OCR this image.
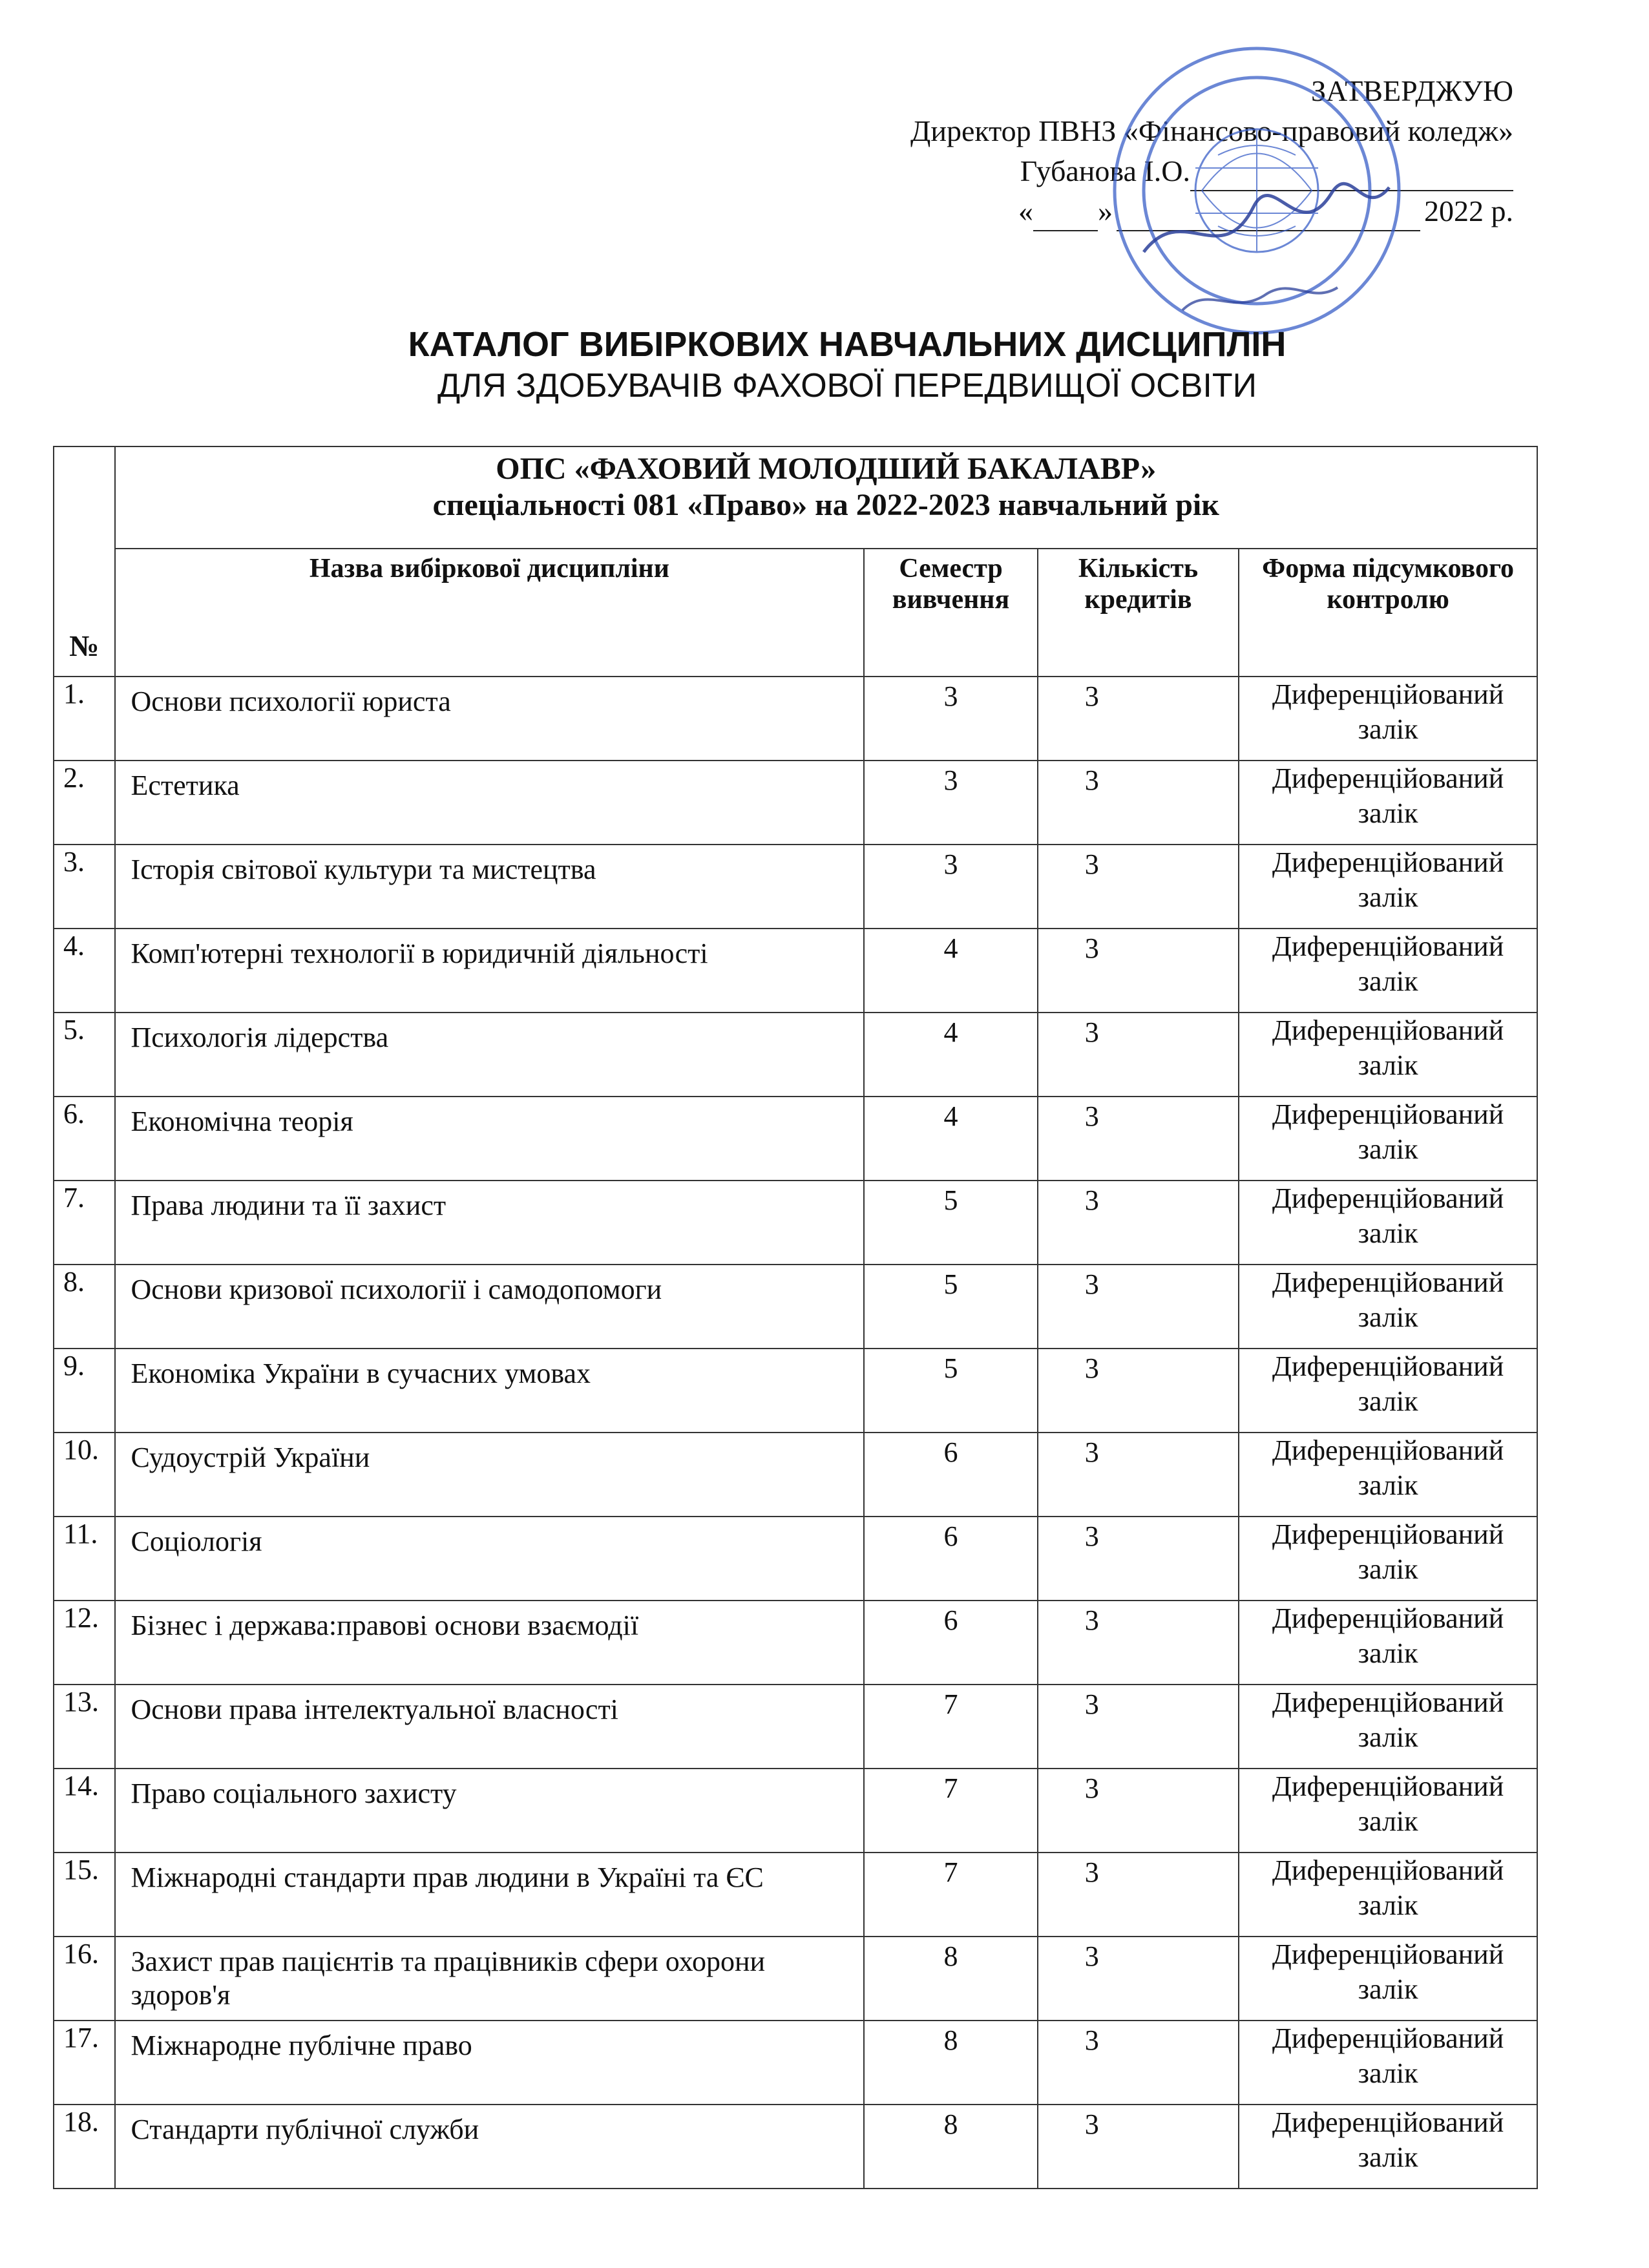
ЗАТВЕРДЖУЮ
Директор ПВНЗ «Фінансово-правовий коледж»
Губанова І.О.
« »	2022 р.
КАТАЛОГ ВИБІРКОВИХ НАВЧАЛЬНИХ ДИСЦИПЛІН
ДЛЯ ЗДОБУВАЧІВ ФАХОВОЇ ПЕРЕДВИЩОЇ ОСВІТИ
№	ОПС «ФАХОВИЙ МОЛОДШИЙ БАКАЛАВР»
спеціальності 081 «Право» на 2022-2023 навчальний рік			

	Назва вибіркової дисципліни	Семестр вивчення	Кількість кредитів	Форма підсумкового контролю
1.	Основи психології юриста	3	3	Диференційований залік
2.	Естетика	3	3	Диференційований залік
3.	Історія світової культури та мистецтва	3	3	Диференційований залік
4.	Комп'ютерні технології в юридичній діяльності	4	3	Диференційований залік
5.	Психологія лідерства	4	3	Диференційований залік
6.	Економічна теорія	4	3	Диференційований залік
7.	Права людини та її захист	5	3	Диференційований залік
8.	Основи кризової психології і самодопомоги	5	3	Диференційований залік
9.	Економіка України в сучасних умовах	5	3	Диференційований залік
10.	Судоустрій України	6	3	Диференційований залік
11.	Соціологія	6	3	Диференційований залік
12.	Бізнес і держава:правові основи взаємодії	6	3	Диференційований залік
13.	Основи права інтелектуальної власності	7	3	Диференційований залік
14.	Право соціального захисту	7	3	Диференційований залік
15.	Міжнародні стандарти прав людини в Україні та ЄС	7	3	Диференційований залік
16.	Захист прав пацієнтів та працівників сфери охорони здоров'я	8	3	Диференційований залік
17.	Міжнародне публічне право	8	3	Диференційований залік
18.	Стандарти публічної служби	8	3	Диференційований залік
